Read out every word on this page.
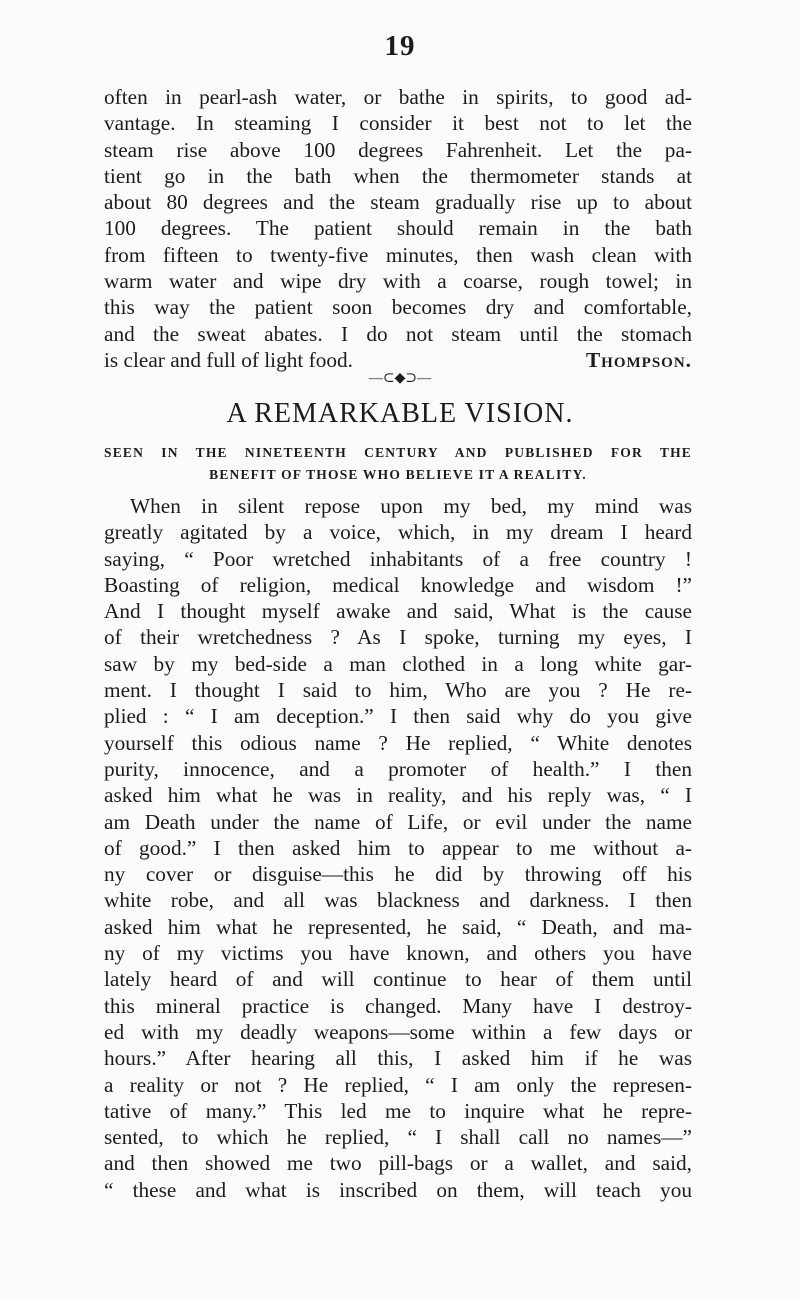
19
often in pearl-ash water, or bathe in spirits, to good ad-
vantage. In steaming I consider it best not to let the
steam rise above 100 degrees Fahrenheit. Let the pa-
tient go in the bath when the thermometer stands at
about 80 degrees and the steam gradually rise up to about
100 degrees. The patient should remain in the bath
from fifteen to twenty-five minutes, then wash clean with
warm water and wipe dry with a coarse, rough towel; in
this way the patient soon becomes dry and comfortable,
and the sweat abates. I do not steam until the stomach
is clear and full of light food.	Thompson.
—⊂◆⊃—
A REMARKABLE VISION.
SEEN IN THE NINETEENTH CENTURY AND PUBLISHED FOR THE
BENEFIT OF THOSE WHO BELIEVE IT A REALITY.
When in silent repose upon my bed, my mind was
greatly agitated by a voice, which, in my dream I heard
saying, “ Poor wretched inhabitants of a free country !
Boasting of religion, medical knowledge and wisdom !”
And I thought myself awake and said, What is the cause
of their wretchedness ? As I spoke, turning my eyes, I
saw by my bed-side a man clothed in a long white gar-
ment. I thought I said to him, Who are you ? He re-
plied : “ I am deception.” I then said why do you give
yourself this odious name ? He replied, “ White denotes
purity, innocence, and a promoter of health.” I then
asked him what he was in reality, and his reply was, “ I
am Death under the name of Life, or evil under the name
of good.” I then asked him to appear to me without a-
ny cover or disguise—this he did by throwing off his
white robe, and all was blackness and darkness. I then
asked him what he represented, he said, “ Death, and ma-
ny of my victims you have known, and others you have
lately heard of and will continue to hear of them until
this mineral practice is changed. Many have I destroy-
ed with my deadly weapons—some within a few days or
hours.” After hearing all this, I asked him if he was
a reality or not ? He replied, “ I am only the represen-
tative of many.” This led me to inquire what he repre-
sented, to which he replied, “ I shall call no names—”
and then showed me two pill-bags or a wallet, and said,
“ these and what is inscribed on them, will teach you
